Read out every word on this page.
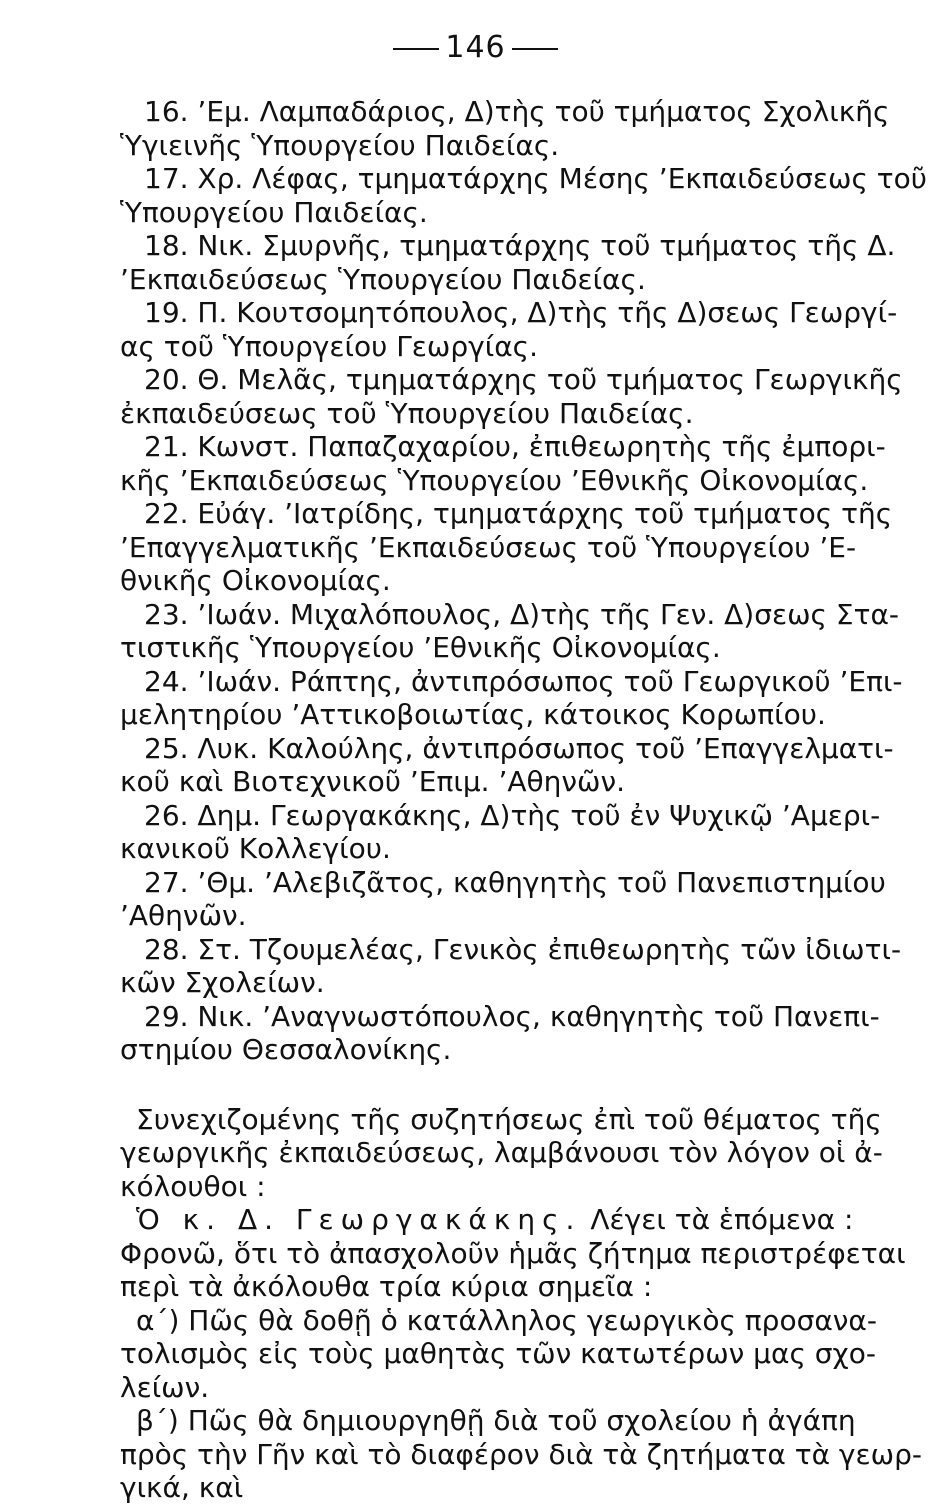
146
16. ’Εμ. Λαμπαδάριος, Δ)τὴς τοῦ τμήματος Σχολικῆς
Ὑγιεινῆς Ὑπουργείου Παιδείας.
17. Χρ. Λέφας, τμηματάρχης Μέσης ’Εκπαιδεύσεως τοῦ
Ὑπουργείου Παιδείας.
18. Νικ. Σμυρνῆς, τμηματάρχης τοῦ τμήματος τῆς Δ.
’Εκπαιδεύσεως Ὑπουργείου Παιδείας.
19. Π. Κουτσομητόπουλος, Δ)τὴς τῆς Δ)σεως Γεωργί-
ας τοῦ Ὑπουργείου Γεωργίας.
20. Θ. Μελᾶς, τμηματάρχης τοῦ τμήματος Γεωργικῆς
ἐκπαιδεύσεως τοῦ Ὑπουργείου Παιδείας.
21. Κωνστ. Παπαζαχαρίου, ἐπιθεωρητὴς τῆς ἐμπορι-
κῆς ’Εκπαιδεύσεως Ὑπουργείου ’Εθνικῆς Οἰκονομίας.
22. Εὐάγ. ’Ιατρίδης, τμηματάρχης τοῦ τμήματος τῆς
’Επαγγελματικῆς ’Εκπαιδεύσεως τοῦ Ὑπουργείου ’Ε-
θνικῆς Οἰκονομίας.
23. ’Ιωάν. Μιχαλόπουλος, Δ)τὴς τῆς Γεν. Δ)σεως Στα-
τιστικῆς Ὑπουργείου ’Εθνικῆς Οἰκονομίας.
24. ’Ιωάν. Ράπτης, ἀντιπρόσωπος τοῦ Γεωργικοῦ ’Επι-
μελητηρίου ’Αττικοβοιωτίας, κάτοικος Κορωπίου.
25. Λυκ. Καλούλης, ἀντιπρόσωπος τοῦ ’Επαγγελματι-
κοῦ καὶ Βιοτεχνικοῦ ’Επιμ. ’Αθηνῶν.
26. Δημ. Γεωργακάκης, Δ)τὴς τοῦ ἐν Ψυχικῷ ’Αμερι-
κανικοῦ Κολλεγίου.
27. ’Θμ. ’Αλεβιζᾶτος, καθηγητὴς τοῦ Πανεπιστημίου
’Αθηνῶν.
28. Στ. Τζουμελέας, Γενικὸς ἐπιθεωρητὴς τῶν ἰδιωτι-
κῶν Σχολείων.
29. Νικ. ’Αναγνωστόπουλος, καθηγητὴς τοῦ Πανεπι-
στημίου Θεσσαλονίκης.
Συνεχιζομένης τῆς συζητήσεως ἐπὶ τοῦ θέματος τῆς
γεωργικῆς ἐκπαιδεύσεως, λαμβάνουσι τὸν λόγον οἱ ἀ-
κόλουθοι :
Ὁ κ. Δ. Γεωργακάκης. Λέγει τὰ ἑπόμενα :
Φρονῶ, ὅτι τὸ ἀπασχολοῦν ἡμᾶς ζήτημα περιστρέφεται
περὶ τὰ ἀκόλουθα τρία κύρια σημεῖα :
α΄) Πῶς θὰ δοθῇ ὁ κατάλληλος γεωργικὸς προσανα-
τολισμὸς εἰς τοὺς μαθητὰς τῶν κατωτέρων μας σχο-
λείων.
β΄) Πῶς θὰ δημιουργηθῇ διὰ τοῦ σχολείου ἡ ἀγάπη
πρὸς τὴν Γῆν καὶ τὸ διαφέρον διὰ τὰ ζητήματα τὰ γεωρ-
γικά, καὶ
